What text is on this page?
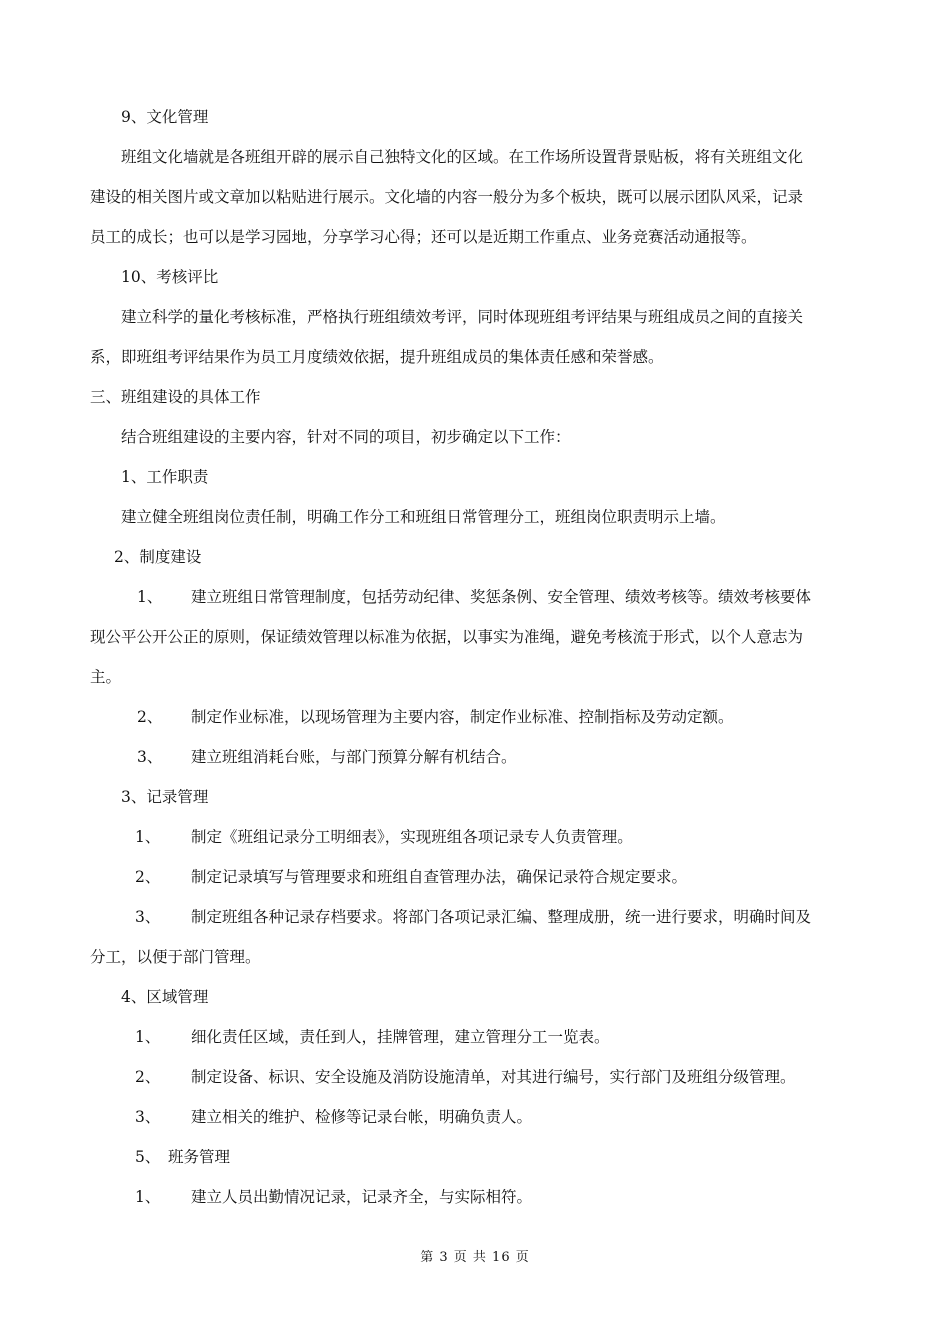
9、文化管理
班组文化墙就是各班组开辟的展示自己独特文化的区域。在工作场所设置背景贴板，将有关班组文化
建设的相关图片或文章加以粘贴进行展示。文化墙的内容一般分为多个板块，既可以展示团队风采，记录
员工的成长；也可以是学习园地，分享学习心得；还可以是近期工作重点、业务竞赛活动通报等。
10、考核评比
建立科学的量化考核标准，严格执行班组绩效考评，同时体现班组考评结果与班组成员之间的直接关
系，即班组考评结果作为员工月度绩效依据，提升班组成员的集体责任感和荣誉感。
三、班组建设的具体工作
结合班组建设的主要内容，针对不同的项目，初步确定以下工作：
1、工作职责
建立健全班组岗位责任制，明确工作分工和班组日常管理分工，班组岗位职责明示上墙。
2、制度建设
1、 建立班组日常管理制度，包括劳动纪律、奖惩条例、安全管理、绩效考核等。绩效考核要体
现公平公开公正的原则，保证绩效管理以标准为依据，以事实为准绳，避免考核流于形式，以个人意志为
主。
2、 制定作业标准，以现场管理为主要内容，制定作业标准、控制指标及劳动定额。
3、 建立班组消耗台账，与部门预算分解有机结合。
3、记录管理
1、 制定《班组记录分工明细表》，实现班组各项记录专人负责管理。
2、 制定记录填写与管理要求和班组自查管理办法，确保记录符合规定要求。
3、 制定班组各种记录存档要求。将部门各项记录汇编、整理成册，统一进行要求，明确时间及
分工，以便于部门管理。
4、区域管理
1、 细化责任区域，责任到人，挂牌管理，建立管理分工一览表。
2、 制定设备、标识、安全设施及消防设施清单，对其进行编号，实行部门及班组分级管理。
3、 建立相关的维护、检修等记录台帐，明确负责人。
5、 班务管理
1、 建立人员出勤情况记录，记录齐全，与实际相符。
第 3 页 共 16 页
